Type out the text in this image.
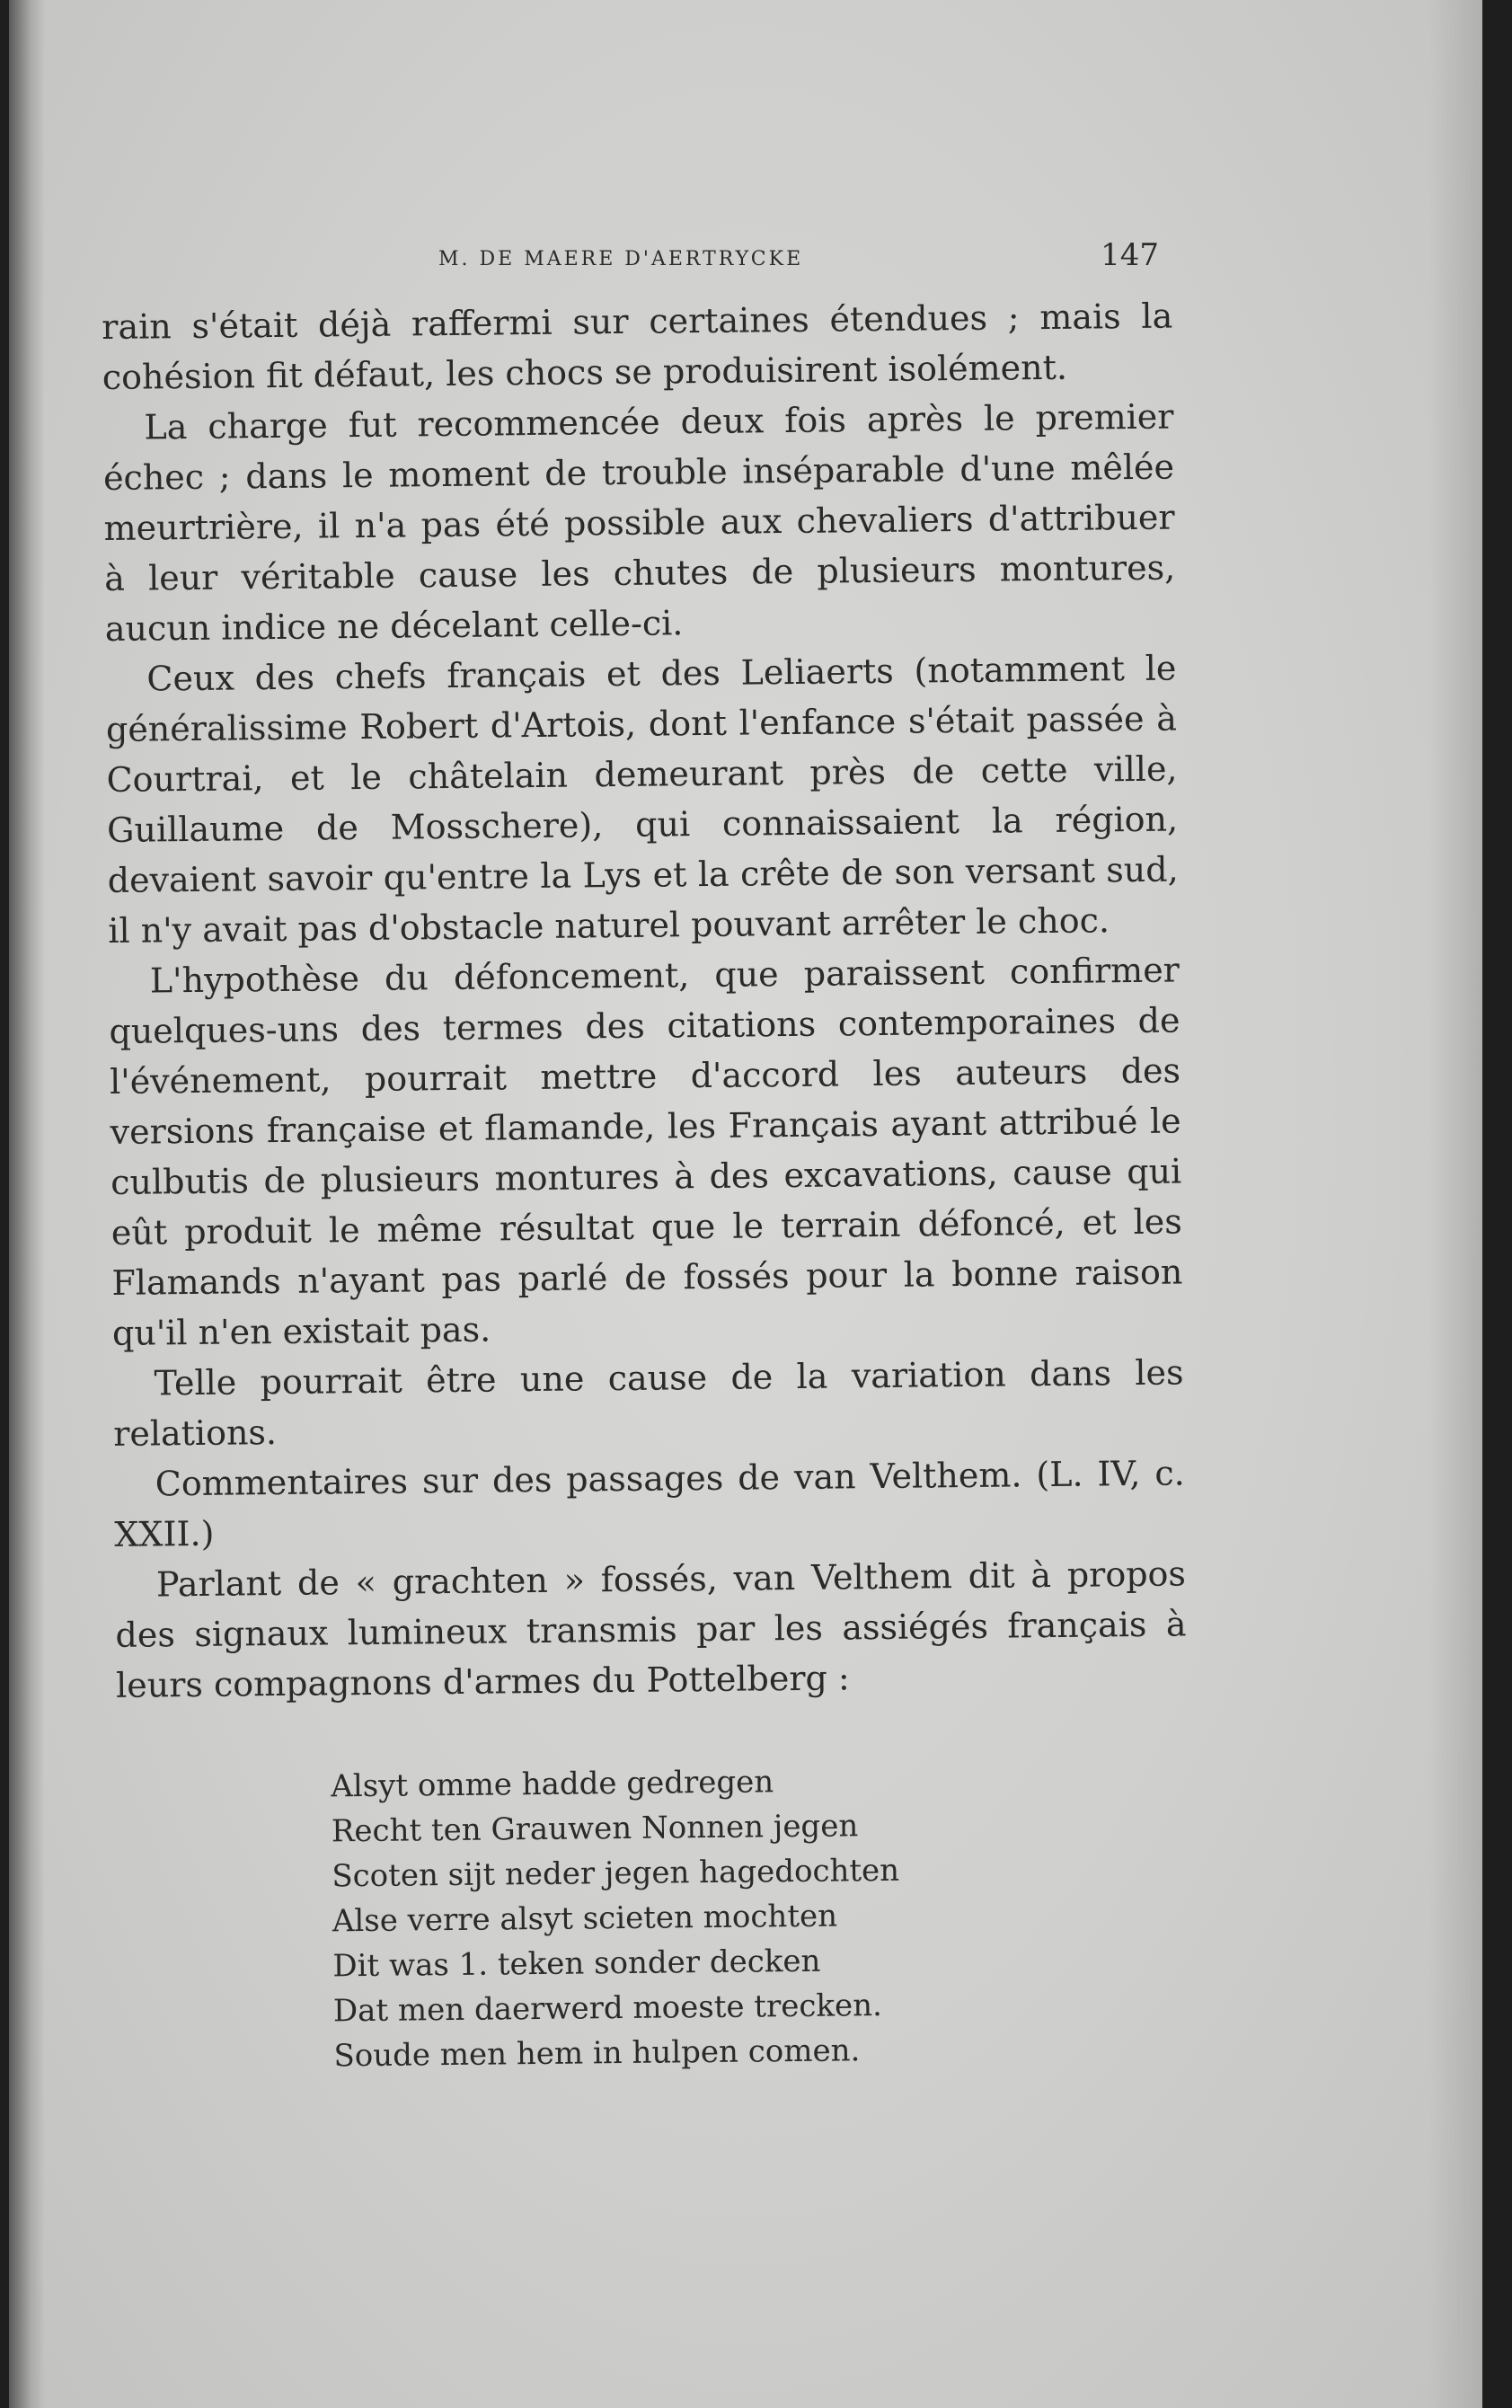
M. DE MAERE D'AERTRYCKE	147

rain s'était déjà raffermi sur certaines étendues ; mais la cohésion fit défaut, les chocs se produisirent isolément.

La charge fut recommencée deux fois après le premier échec ; dans le moment de trouble inséparable d'une mêlée meurtrière, il n'a pas été possible aux chevaliers d'attribuer à leur véritable cause les chutes de plusieurs montures, aucun indice ne décelant celle-ci.

Ceux des chefs français et des Leliaerts (notamment le généralissime Robert d'Artois, dont l'enfance s'était passée à Courtrai, et le châtelain demeurant près de cette ville, Guillaume de Mosschere), qui connaissaient la région, devaient savoir qu'entre la Lys et la crête de son versant sud, il n'y avait pas d'obstacle naturel pouvant arrêter le choc.

L'hypothèse du défoncement, que paraissent confirmer quelques-uns des termes des citations contemporaines de l'événement, pourrait mettre d'accord les auteurs des versions française et flamande, les Français ayant attribué le culbutis de plusieurs montures à des excavations, cause qui eût produit le même résultat que le terrain défoncé, et les Flamands n'ayant pas parlé de fossés pour la bonne raison qu'il n'en existait pas.

Telle pourrait être une cause de la variation dans les relations.

Commentaires sur des passages de van Velthem. (L. IV, c. XXII.)

Parlant de « grachten » fossés, van Velthem dit à propos des signaux lumineux transmis par les assiégés français à leurs compagnons d'armes du Pottelberg :

Alsyt omme hadde gedregen
Recht ten Grauwen Nonnen jegen
Scoten sijt neder jegen hagedochten
Alse verre alsyt scieten mochten
Dit was 1. teken sonder decken
Dat men daerwerd moeste trecken.
Soude men hem in hulpen comen.
